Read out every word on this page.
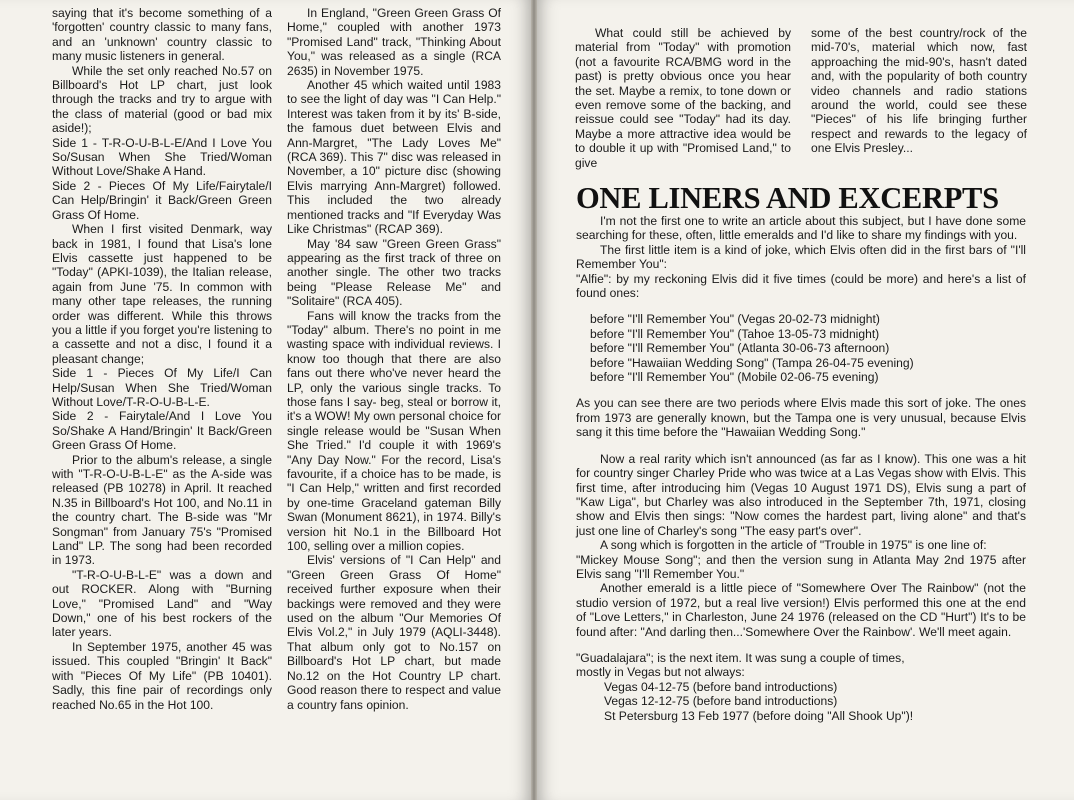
saying that it's become something of a 'forgotten' country classic to many fans, and an 'unknown' country classic to many music listeners in general.

While the set only reached No.57 on Billboard's Hot LP chart, just look through the tracks and try to argue with the class of material (good or bad mix aside!);

Side 1 - T-R-O-U-B-L-E/And I Love You So/Susan When She Tried/Woman Without Love/Shake A Hand.

Side 2 - Pieces Of My Life/Fairytale/I Can Help/Bringin' it Back/Green Green Grass Of Home.

When I first visited Denmark, way back in 1981, I found that Lisa's lone Elvis cassette just happened to be "Today" (APKI-1039), the Italian release, again from June '75. In common with many other tape releases, the running order was different. While this throws you a little if you forget you're listening to a cassette and not a disc, I found it a pleasant change;

Side 1 - Pieces Of My Life/I Can Help/Susan When She Tried/Woman Without Love/T-R-O-U-B-L-E.

Side 2 - Fairytale/And I Love You So/Shake A Hand/Bringin' It Back/Green Green Grass Of Home.

Prior to the album's release, a single with "T-R-O-U-B-L-E" as the A-side was released (PB 10278) in April. It reached N.35 in Billboard's Hot 100, and No.11 in the country chart. The B-side was "Mr Songman" from January 75's "Promised Land" LP. The song had been recorded in 1973.

"T-R-O-U-B-L-E" was a down and out ROCKER. Along with "Burning Love," "Promised Land" and "Way Down," one of his best rockers of the later years.

In September 1975, another 45 was issued. This coupled "Bringin' It Back" with "Pieces Of My Life" (PB 10401). Sadly, this fine pair of recordings only reached No.65 in the Hot 100.

In England, "Green Green Grass Of Home," coupled with another 1973 "Promised Land" track, "Thinking About You," was released as a single (RCA 2635) in November 1975.

Another 45 which waited until 1983 to see the light of day was "I Can Help." Interest was taken from it by its' B-side, the famous duet between Elvis and Ann-Margret, "The Lady Loves Me" (RCA 369). This 7" disc was released in November, a 10" picture disc (showing Elvis marrying Ann-Margret) followed. This included the two already mentioned tracks and "If Everyday Was Like Christmas" (RCAP 369).

May '84 saw "Green Green Grass" appearing as the first track of three on another single. The other two tracks being "Please Release Me" and "Solitaire" (RCA 405).

Fans will know the tracks from the "Today" album. There's no point in me wasting space with individual reviews. I know too though that there are also fans out there who've never heard the LP, only the various single tracks. To those fans I say- beg, steal or borrow it, it's a WOW! My own personal choice for single release would be "Susan When She Tried." I'd couple it with 1969's "Any Day Now." For the record, Lisa's favourite, if a choice has to be made, is "I Can Help," written and first recorded by one-time Graceland gateman Billy Swan (Monument 8621), in 1974. Billy's version hit No.1 in the Billboard Hot 100, selling over a million copies.

Elvis' versions of "I Can Help" and "Green Green Grass Of Home" received further exposure when their backings were removed and they were used on the album "Our Memories Of Elvis Vol.2," in July 1979 (AQLI-3448). That album only got to No.157 on Billboard's Hot LP chart, but made No.12 on the Hot Country LP chart. Good reason there to respect and value a country fans opinion.

What could still be achieved by material from "Today" with promotion (not a favourite RCA/BMG word in the past) is pretty obvious once you hear the set. Maybe a remix, to tone down or even remove some of the backing, and reissue could see "Today" had its day. Maybe a more attractive idea would be to double it up with "Promised Land," to give

some of the best country/rock of the mid-70's, material which now, fast approaching the mid-90's, hasn't dated and, with the popularity of both country video channels and radio stations around the world, could see these "Pieces" of his life bringing further respect and rewards to the legacy of one Elvis Presley...

ONE LINERS AND EXCERPTS

I'm not the first one to write an article about this subject, but I have done some searching for these, often, little emeralds and I'd like to share my findings with you.

The first little item is a kind of joke, which Elvis often did in the first bars of "I'll Remember You":

"Alfie": by my reckoning Elvis did it five times (could be more) and here's a list of found ones:

before "I'll Remember You" (Vegas 20-02-73 midnight)
before "I'll Remember You" (Tahoe 13-05-73 midnight)
before "I'll Remember You" (Atlanta 30-06-73 afternoon)
before "Hawaiian Wedding Song" (Tampa 26-04-75 evening)
before "I'll Remember You" (Mobile 02-06-75 evening)

As you can see there are two periods where Elvis made this sort of joke. The ones from 1973 are generally known, but the Tampa one is very unusual, because Elvis sang it this time before the "Hawaiian Wedding Song."

Now a real rarity which isn't announced (as far as I know). This one was a hit for country singer Charley Pride who was twice at a Las Vegas show with Elvis. This first time, after introducing him (Vegas 10 August 1971 DS), Elvis sung a part of "Kaw Liga", but Charley was also introduced in the September 7th, 1971, closing show and Elvis then sings: "Now comes the hardest part, living alone" and that's just one line of Charley's song "The easy part's over".

A song which is forgotten in the article of "Trouble in 1975" is one line of:

"Mickey Mouse Song"; and then the version sung in Atlanta May 2nd 1975 after Elvis sang "I'll Remember You."

Another emerald is a little piece of "Somewhere Over The Rainbow" (not the studio version of 1972, but a real live version!) Elvis performed this one at the end of "Love Letters," in Charleston, June 24 1976 (released on the CD "Hurt") It's to be found after: "And darling then...'Somewhere Over the Rainbow'. We'll meet again.

"Guadalajara"; is the next item. It was sung a couple of times,

mostly in Vegas but not always:

Vegas 04-12-75 (before band introductions)
Vegas 12-12-75 (before band introductions)
St Petersburg 13 Feb 1977 (before doing "All Shook Up")!
